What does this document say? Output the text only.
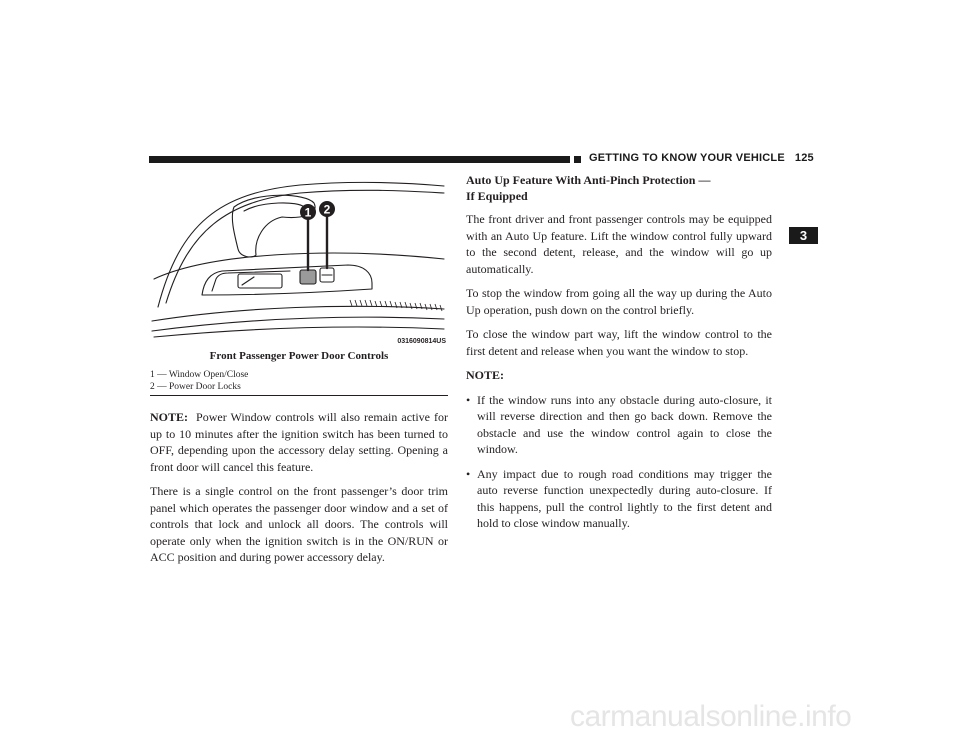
GETTING TO KNOW YOUR VEHICLE 125
3
1 2
0316090814US
Front Passenger Power Door Controls
1 — Window Open/Close
2 — Power Door Locks

NOTE: Power Window controls will also remain active for up to 10 minutes after the ignition switch has been turned to OFF, depending upon the accessory delay setting. Opening a front door will cancel this feature.

There is a single control on the front passenger’s door trim panel which operates the passenger door window and a set of controls that lock and unlock all doors. The controls will operate only when the ignition switch is in the ON/RUN or ACC position and during power accessory delay.

Auto Up Feature With Anti-Pinch Protection —
If Equipped

The front driver and front passenger controls may be equipped with an Auto Up feature. Lift the window control fully upward to the second detent, release, and the window will go up automatically.

To stop the window from going all the way up during the Auto Up operation, push down on the control briefly.

To close the window part way, lift the window control to the first detent and release when you want the window to stop.

NOTE:

• If the window runs into any obstacle during auto-closure, it will reverse direction and then go back down. Remove the obstacle and use the window control again to close the window.
• Any impact due to rough road conditions may trigger the auto reverse function unexpectedly during auto-closure. If this happens, pull the control lightly to the first detent and hold to close window manually.
carmanualsonline.info
